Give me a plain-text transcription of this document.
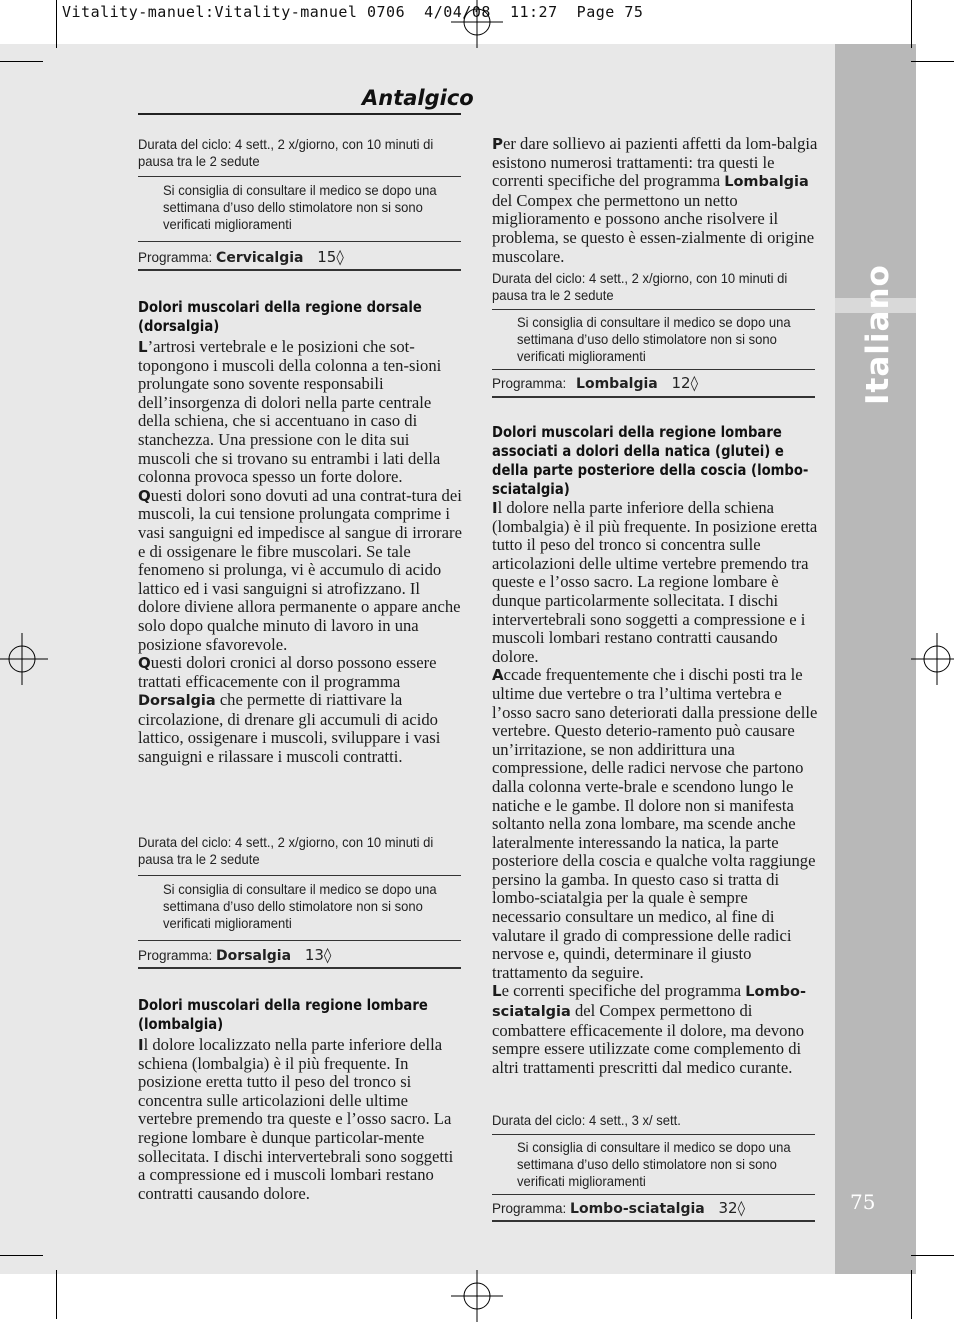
Italiano
75
Vitality-manuel:Vitality-manuel 0706  4/04/08  11:27  Page 75
Antalgico
Durata del ciclo: 4 sett., 2 x/giorno, con 10 minuti di pausa tra le 2 sedute
Si consiglia di consultare il medico se dopo una settimana d’uso dello stimolatore non si sono verificati miglioramenti
Programma: Cervicalgia 15◊
Dolori muscolari della regione dorsale (dorsalgia)

L’artrosi vertebrale e le posizioni che sot-topongono i muscoli della colonna a ten-sioni prolungate sono sovente responsabili dell’insorgenza di dolori nella parte centrale della schiena, che si accentuano in caso di stanchezza. Una pressione con le dita sui muscoli che si trovano su entrambi i lati della colonna provoca spesso un forte dolore.

Questi dolori sono dovuti ad una contrat-tura dei muscoli, la cui tensione prolungata comprime i vasi sanguigni ed impedisce al sangue di irrorare e di ossigenare le fibre muscolari. Se tale fenomeno si prolunga, vi è accumulo di acido lattico ed i vasi sanguigni si atrofizzano. Il dolore diviene allora permanente o appare anche solo dopo qualche minuto di lavoro in una posizione sfavorevole.

Questi dolori cronici al dorso possono essere trattati efficacemente con il programma Dorsalgia che permette di riattivare la circolazione, di drenare gli accumuli di acido lattico, ossigenare i muscoli, sviluppare i vasi sanguigni e rilassare i muscoli contratti.

Durata del ciclo: 4 sett., 2 x/giorno, con 10 minuti di pausa tra le 2 sedute
Si consiglia di consultare il medico se dopo una settimana d’uso dello stimolatore non si sono verificati miglioramenti
Programma: Dorsalgia 13◊
Dolori muscolari della regione lombare (lombalgia)

Il dolore localizzato nella parte inferiore della schiena (lombalgia) è il più frequente. In posizione eretta tutto il peso del tronco si concentra sulle articolazioni delle ultime vertebre premendo tra queste e l’osso sacro. La regione lombare è dunque particolar-mente sollecitata. I dischi intervertebrali sono soggetti a compressione ed i muscoli lombari restano contratti causando dolore.

Per dare sollievo ai pazienti affetti da lom-balgia esistono numerosi trattamenti: tra questi le correnti specifiche del programma Lombalgia del Compex che permettono un netto miglioramento e possono anche risolvere il problema, se questo è essen-zialmente di origine muscolare.

Durata del ciclo: 4 sett., 2 x/giorno, con 10 minuti di pausa tra le 2 sedute
Si consiglia di consultare il medico se dopo una settimana d’uso dello stimolatore non si sono verificati miglioramenti
Programma: Lombalgia 12◊
Dolori muscolari della regione lombare associati a dolori della natica (glutei) e della parte posteriore della coscia (lombo-sciatalgia)

Il dolore nella parte inferiore della schiena (lombalgia) è il più frequente. In posizione eretta tutto il peso del tronco si concentra sulle articolazioni delle ultime vertebre premendo tra queste e l’osso sacro. La regione lombare è dunque particolarmente sollecitata. I dischi intervertebrali sono soggetti a compressione e i muscoli lombari restano contratti causando dolore.

Accade frequentemente che i dischi posti tra le ultime due vertebre o tra l’ultima vertebra e l’osso sacro sano deteriorati dalla pressione delle vertebre. Questo deterio-ramento può causare un’irritazione, se non addirittura una compressione, delle radici nervose che partono dalla colonna verte-brale e scendono lungo le natiche e le gambe. Il dolore non si manifesta soltanto nella zona lombare, ma scende anche lateralmente interessando la natica, la parte posteriore della coscia e qualche volta raggiunge persino la gamba. In questo caso si tratta di lombo-sciatalgia per la quale è sempre necessario consultare un medico, al fine di valutare il grado di compressione delle radici nervose e, quindi, determinare il giusto trattamento da seguire.

Le correnti specifiche del programma Lombo-sciatalgia del Compex permettono di combattere efficacemente il dolore, ma devono sempre essere utilizzate come complemento di altri trattamenti prescritti dal medico curante.

Durata del ciclo: 4 sett., 3 x/ sett.
Si consiglia di consultare il medico se dopo una settimana d’uso dello stimolatore non si sono verificati miglioramenti
Programma: Lombo-sciatalgia 32◊
